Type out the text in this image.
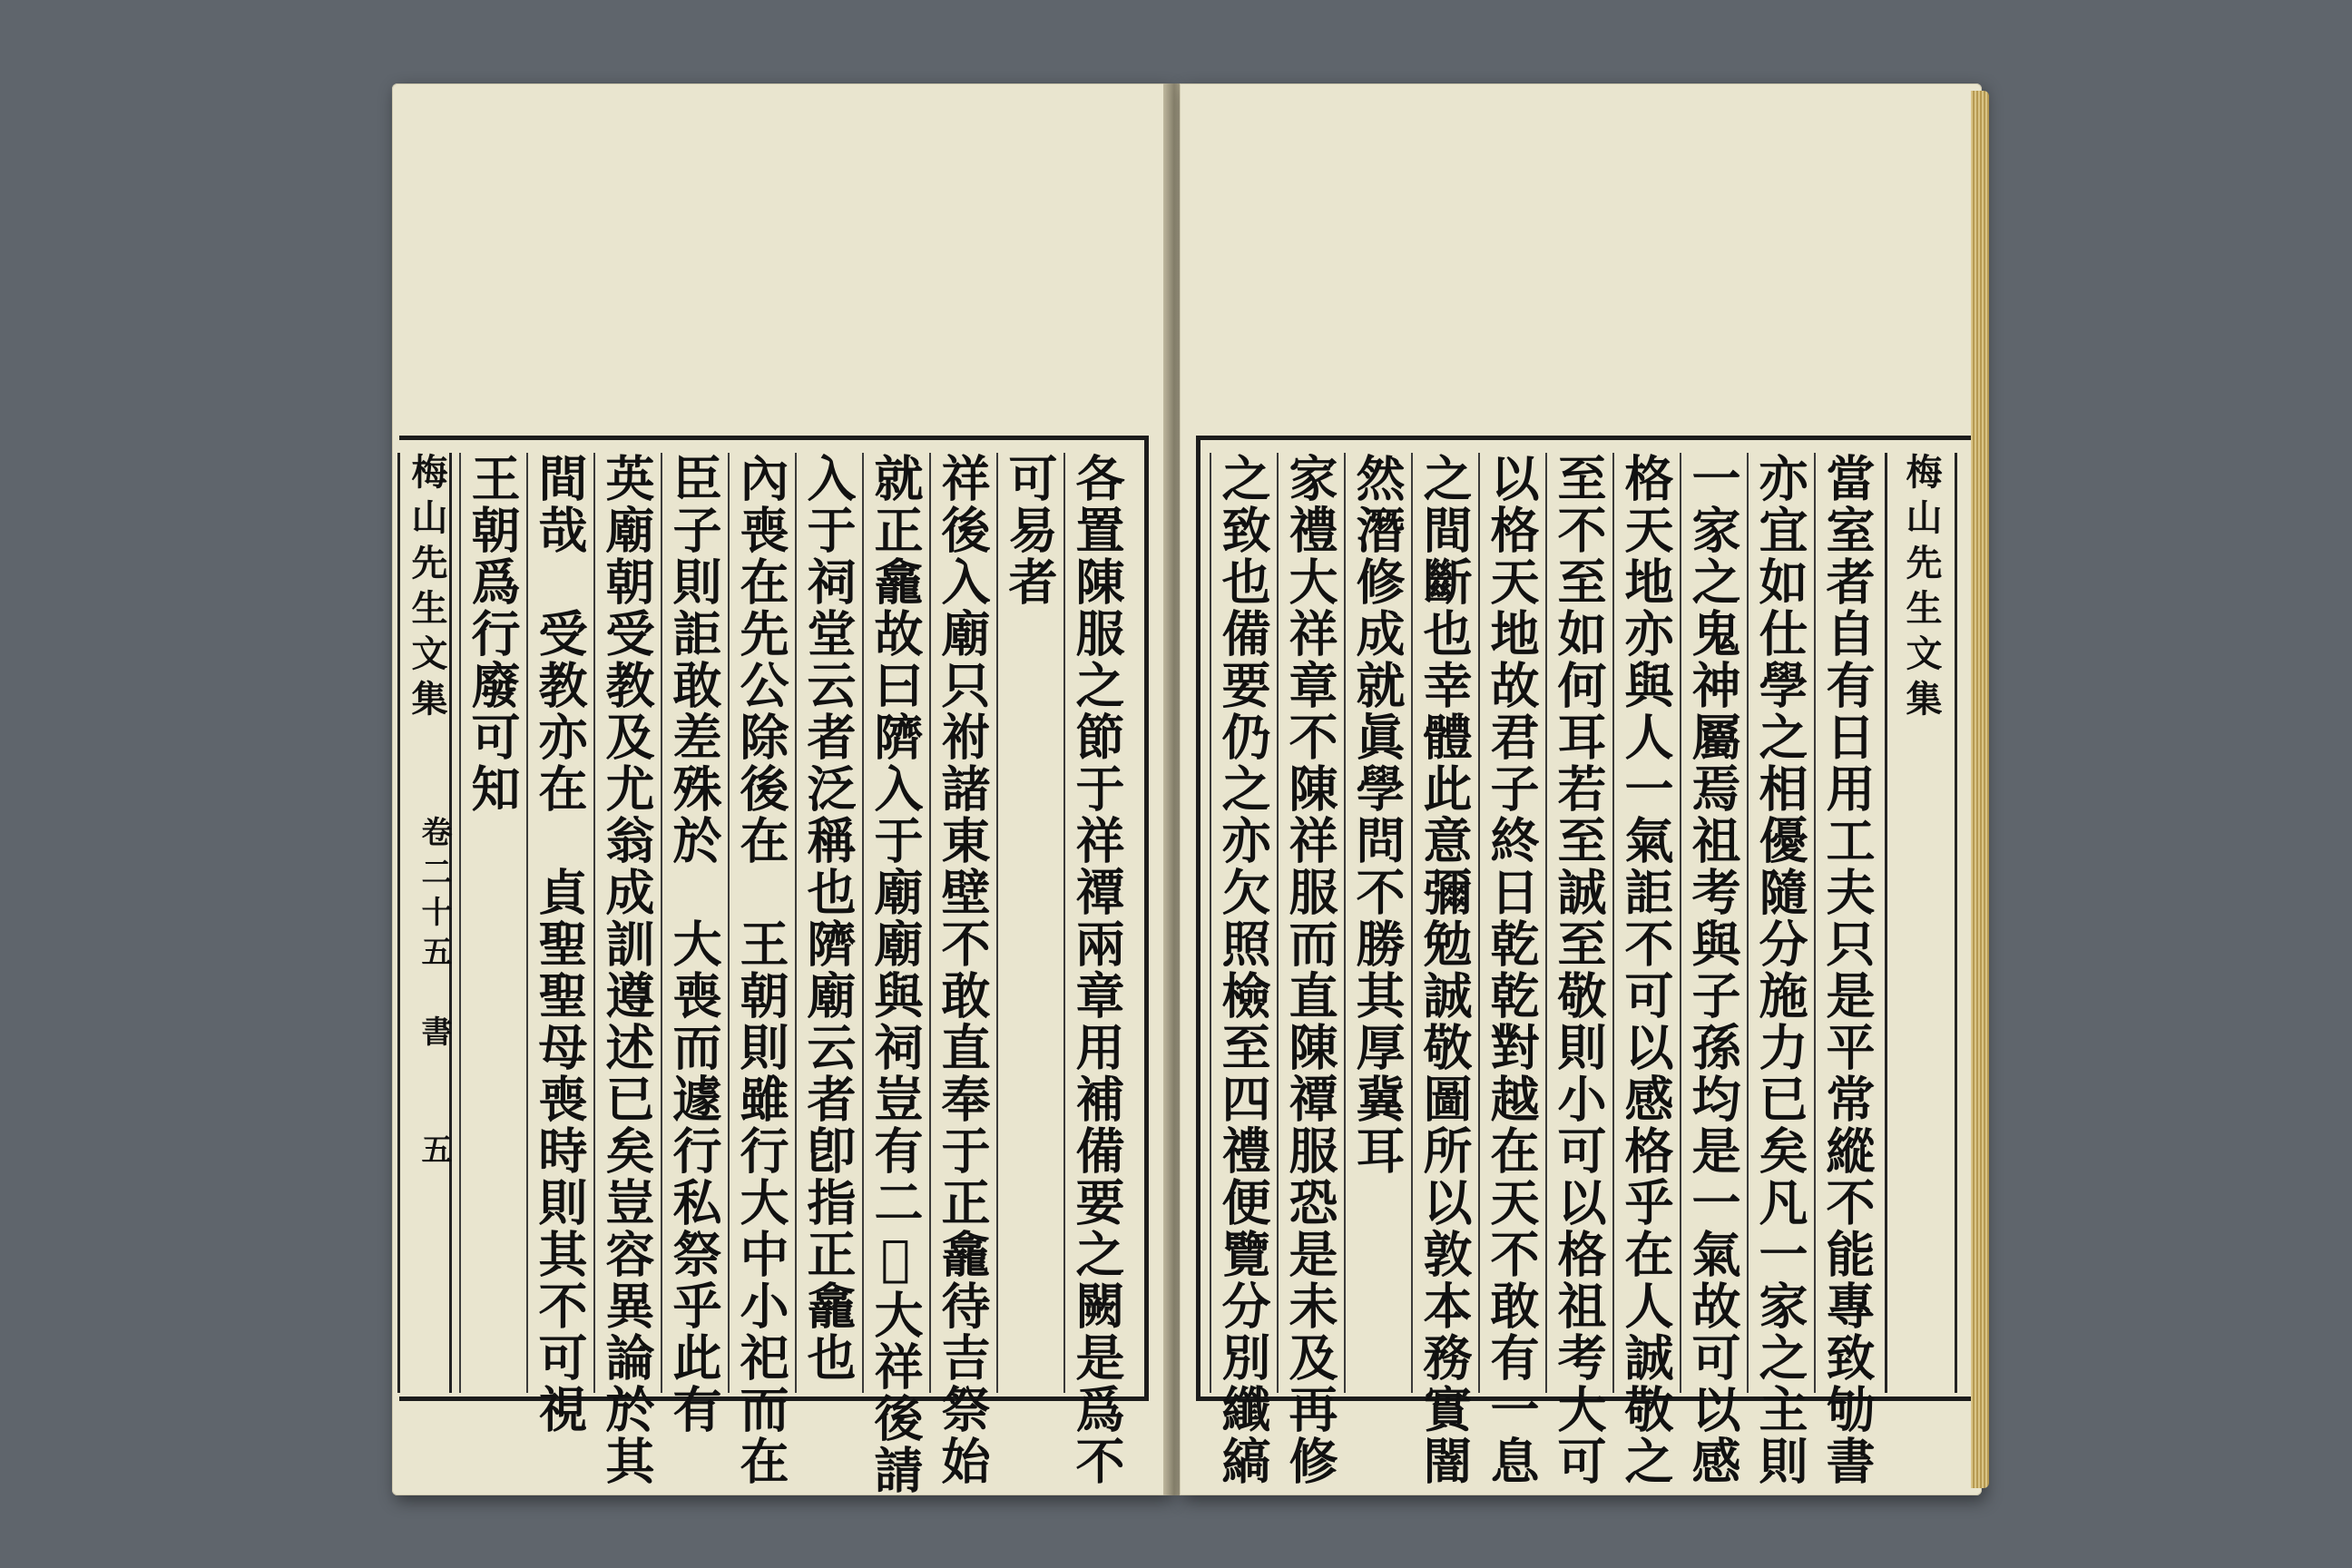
梅山先生文集
卷二十五
書
五
王朝爲行廢可知 間哉　受教亦在　貞聖聖母喪時則其不可視 英廟朝受教及尤翁成訓遵述已矣豈容異論於其 臣子則詎敢差殊於　大喪而遽行私祭乎此有 內喪在先公除後在　王朝則雖行大中小祀而在 入于祠堂云者泛稱也隮廟云者卽指正龕也 就正龕故曰隮入于廟廟與祠豈有二𢪛大祥後請 祥後入廟只祔諸東壁不敢直奉于正龕待吉祭始 可易者 各置陳服之節于祥禫兩章用補備要之闕是爲不 之致也備要仍之亦欠照檢至四禮便覽分別纖縞 家禮大祥章不陳祥服而直陳禫服恐是未及再修 然潛修成就眞學問不勝其厚冀耳 之間斷也幸體此意彌勉誠敬圖所以敦本務實闇 以格天地故君子終日乾乾對越在天不敢有一息 至不至如何耳若至誠至敬則小可以格祖考大可 格天地亦與人一氣詎不可以感格乎在人誠敬之 一家之鬼神屬焉祖考與子孫均是一氣故可以感 亦宜如仕學之相優隨分施力已矣凡一家之主則 當室者自有日用工夫只是平常縱不能專致劬書 梅山先生文集
